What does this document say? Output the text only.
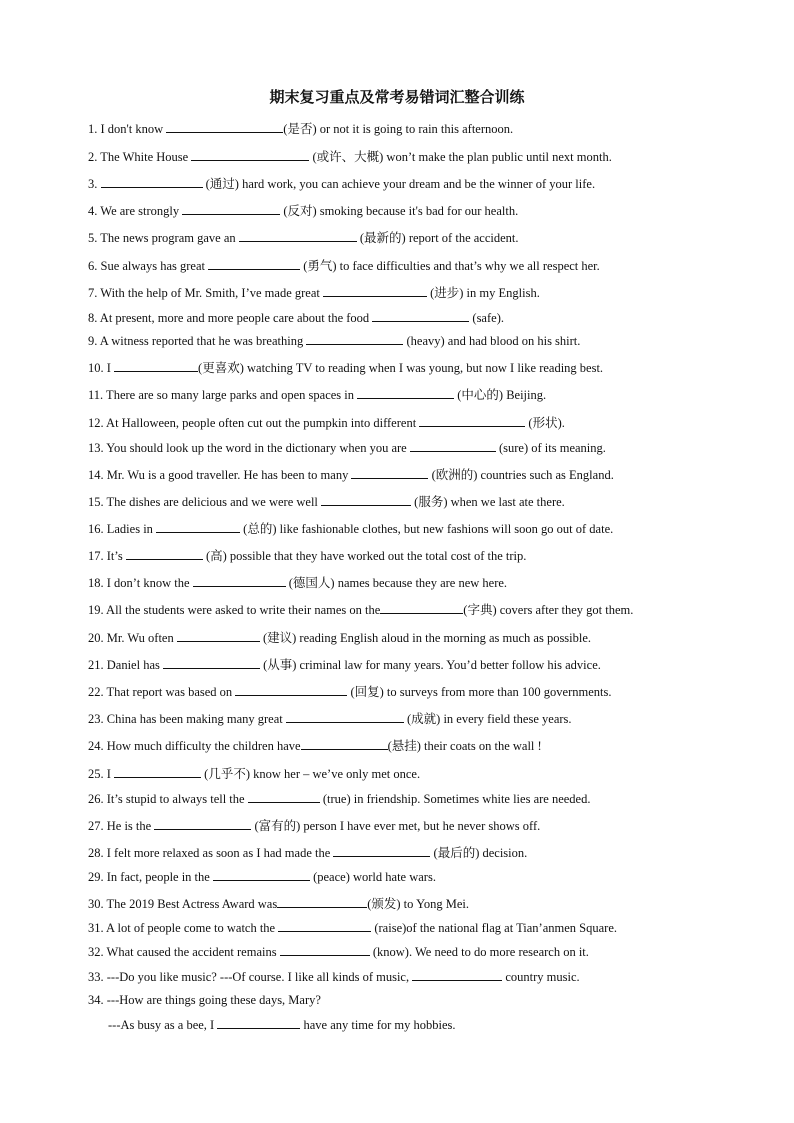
期末复习重点及常考易错词汇整合训练
1. I don't know	(是否) or not it is going to rain this afternoon.
2. The White House	(或许、大概) won’t make the plan public until next month.
3.	(通过) hard work, you can achieve your dream and be the winner of your life.
4. We are strongly	(反对) smoking because it's bad for our health.
5. The news program gave an	(最新的) report of the accident.
6. Sue always has great	(勇气) to face difficulties and that’s why we all respect her.
7. With the help of Mr. Smith, I’ve made great	(进步) in my English.
8. At present, more and more people care about the food	(safe).
9. A witness reported that he was breathing	(heavy) and had blood on his shirt.
10. I	(更喜欢) watching TV to reading when I was young, but now I like reading best.
11. There are so many large parks and open spaces in	(中心的) Beijing.
12. At Halloween, people often cut out the pumpkin into different	(形状).
13. You should look up the word in the dictionary when you are	(sure) of its meaning.
14. Mr. Wu is a good traveller. He has been to many	(欧洲的) countries such as England.
15. The dishes are delicious and we were well	(服务) when we last ate there.
16. Ladies in	(总的) like fashionable clothes, but new fashions will soon go out of date.
17. It’s	(高) possible that they have worked out the total cost of the trip.
18. I don’t know the	(德国人) names because they are new here.
19. All the students were asked to write their names on the	(字典) covers after they got them.
20. Mr. Wu often	(建议) reading English aloud in the morning as much as possible.
21. Daniel has	(从事) criminal law for many years. You’d better follow his advice.
22. That report was based on	(回复) to surveys from more than 100 governments.
23. China has been making many great	(成就) in every field these years.
24. How much difficulty the children have	(悬挂) their coats on the wall !
25. I	(几乎不) know her – we’ve only met once.
26. It’s stupid to always tell the	(true) in friendship. Sometimes white lies are needed.
27. He is the	(富有的) person I have ever met, but he never shows off.
28. I felt more relaxed as soon as I had made the	(最后的) decision.
29. In fact, people in the	(peace) world hate wars.
30. The 2019 Best Actress Award was	(颁发) to Yong Mei.
31. A lot of people come to watch the	(raise)of the national flag at Tian’anmen Square.
32. What caused the accident remains	(know). We need to do more research on it.
33. ---Do you like music? ---Of course. I like all kinds of music,	country music.
34. ---How are things going these days, Mary?
---As busy as a bee, I	have any time for my hobbies.
